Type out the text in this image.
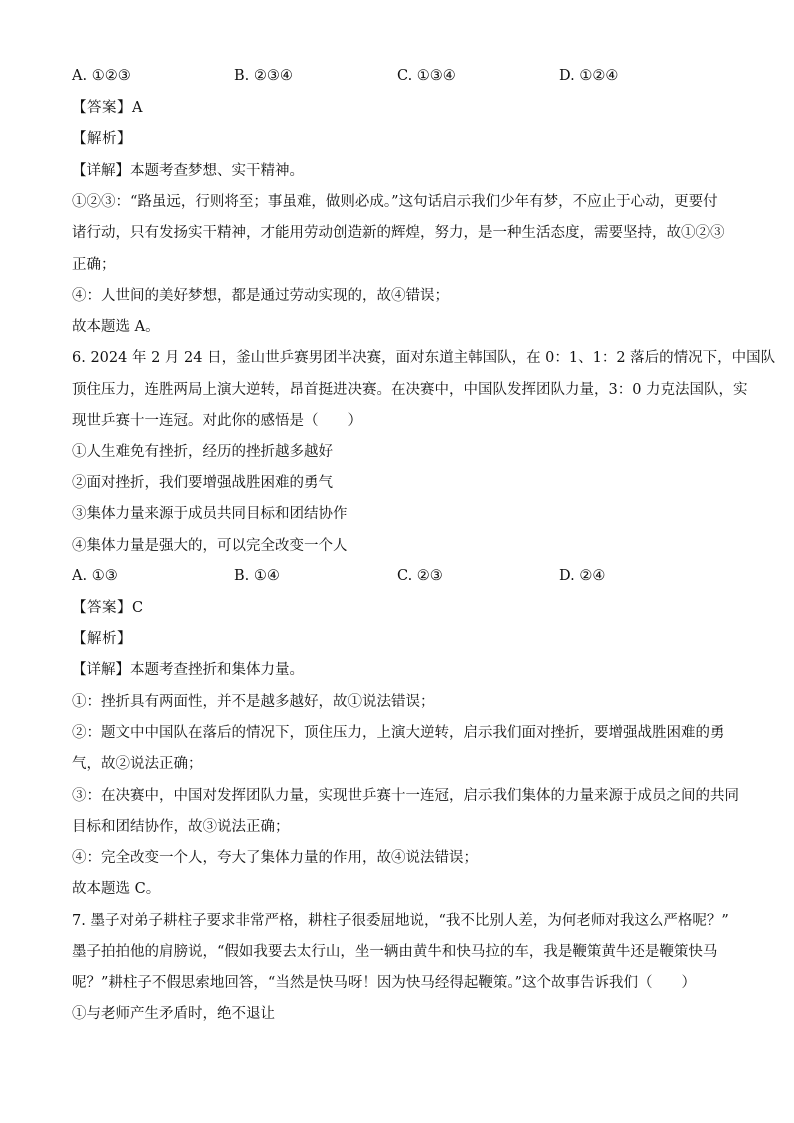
A. ①②③	B. ②③④	C. ①③④	D. ①②④
【答案】A
【解析】
【详解】本题考查梦想、实干精神。
①②③：“路虽远，行则将至；事虽难，做则必成。”这句话启示我们少年有梦，不应止于心动，更要付
诸行动，只有发扬实干精神，才能用劳动创造新的辉煌，努力，是一种生活态度，需要坚持，故①②③
正确；
④：人世间的美好梦想，都是通过劳动实现的，故④错误；
故本题选 A。
6. 2024 年 2 月 24 日，釜山世乒赛男团半决赛，面对东道主韩国队，在 0：1、1：2 落后的情况下，中国队
顶住压力，连胜两局上演大逆转，昂首挺进决赛。在决赛中，中国队发挥团队力量，3：0 力克法国队，实
现世乒赛十一连冠。对此你的感悟是（　　）
①人生难免有挫折，经历的挫折越多越好
②面对挫折，我们要增强战胜困难的勇气
③集体力量来源于成员共同目标和团结协作
④集体力量是强大的，可以完全改变一个人
A. ①③	B. ①④	C. ②③	D. ②④
【答案】C
【解析】
【详解】本题考查挫折和集体力量。
①：挫折具有两面性，并不是越多越好，故①说法错误；
②：题文中中国队在落后的情况下，顶住压力，上演大逆转，启示我们面对挫折，要增强战胜困难的勇
气，故②说法正确；
③：在决赛中，中国对发挥团队力量，实现世乒赛十一连冠，启示我们集体的力量来源于成员之间的共同
目标和团结协作，故③说法正确；
④：完全改变一个人，夸大了集体力量的作用，故④说法错误；
故本题选 C。
7. 墨子对弟子耕柱子要求非常严格，耕柱子很委屈地说，“我不比别人差，为何老师对我这么严格呢？”
墨子拍拍他的肩膀说，“假如我要去太行山，坐一辆由黄牛和快马拉的车，我是鞭策黄牛还是鞭策快马
呢？”耕柱子不假思索地回答，“当然是快马呀！因为快马经得起鞭策。”这个故事告诉我们（　　）
①与老师产生矛盾时，绝不退让
